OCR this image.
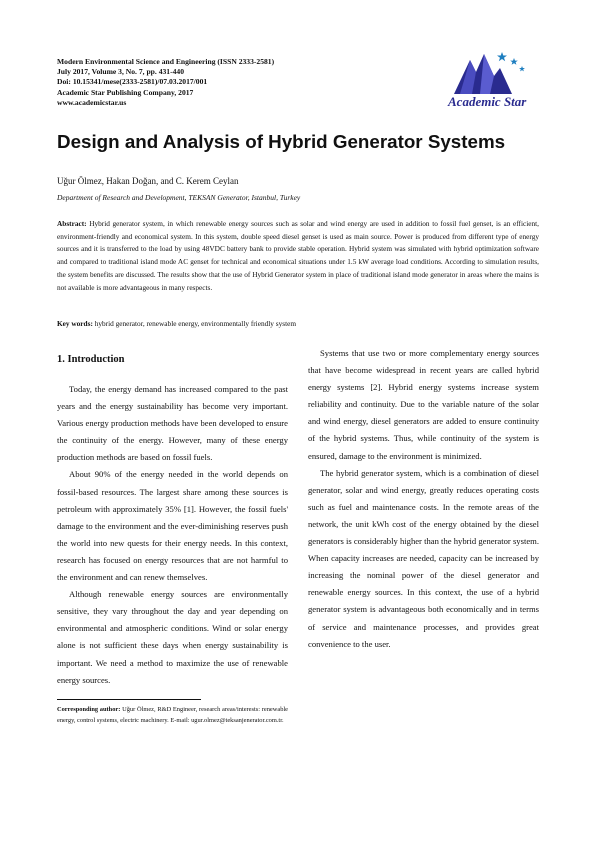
Modern Environmental Science and Engineering (ISSN 2333-2581)
July 2017, Volume 3, No. 7, pp. 431-440
Doi: 10.15341/mese(2333-2581)/07.03.2017/001
Academic Star Publishing Company, 2017
www.academicstar.us	Academic Star
Design and Analysis of Hybrid Generator Systems
Uğur Ölmez, Hakan Doğan, and C. Kerem Ceylan
Department of Research and Development, TEKSAN Generator, Istanbul, Turkey

Abstract: Hybrid generator system, in which renewable energy sources such as solar and wind energy are used in addition to fossil fuel genset, is an efficient, environment-friendly and economical system. In this system, double speed diesel genset is used as main source. Power is produced from different type of energy sources and it is transferred to the load by using 48VDC battery bank to provide stable operation. Hybrid system was simulated with hybrid optimization software and compared to traditional island mode AC genset for technical and economical situations under 1.5 kW average load conditions. According to simulation results, the system benefits are discussed. The results show that the use of Hybrid Generator system in place of traditional island mode generator in areas where the mains is not available is more advantageous in many respects.

Key words: hybrid generator, renewable energy, environmentally friendly system
1. Introduction

Today, the energy demand has increased compared to the past years and the energy sustainability has become very important. Various energy production methods have been developed to ensure the continuity of the energy. However, many of these energy production methods are based on fossil fuels.

About 90% of the energy needed in the world depends on fossil-based resources. The largest share among these sources is petroleum with approximately 35% [1]. However, the fossil fuels' damage to the environment and the ever-diminishing reserves push the world into new quests for their energy needs. In this context, research has focused on energy resources that are not harmful to the environment and can renew themselves.

Although renewable energy sources are environmentally sensitive, they vary throughout the day and year depending on environmental and atmospheric conditions. Wind or solar energy alone is not sufficient these days when energy sustainability is important. We need a method to maximize the use of renewable energy sources.

Systems that use two or more complementary energy sources that have become widespread in recent years are called hybrid energy systems [2]. Hybrid energy systems increase system reliability and continuity. Due to the variable nature of the solar and wind energy, diesel generators are added to ensure continuity of the hybrid systems. Thus, while continuity of the system is ensured, damage to the environment is minimized.

The hybrid generator system, which is a combination of diesel generator, solar and wind energy, greatly reduces operating costs such as fuel and maintenance costs. In the remote areas of the network, the unit kWh cost of the energy obtained by the diesel generators is considerably higher than the hybrid generator system. When capacity increases are needed, capacity can be increased by increasing the nominal power of the diesel generator and renewable energy sources. In this context, the use of a hybrid generator system is advantageous both economically and in terms of service and maintenance processes, and provides great convenience to the user.

Corresponding author: Uğur Ölmez, R&D Engineer, research areas/interests: renewable energy, control systems, electric machinery. E-mail: ugur.olmez@teksanjenerator.com.tr.
